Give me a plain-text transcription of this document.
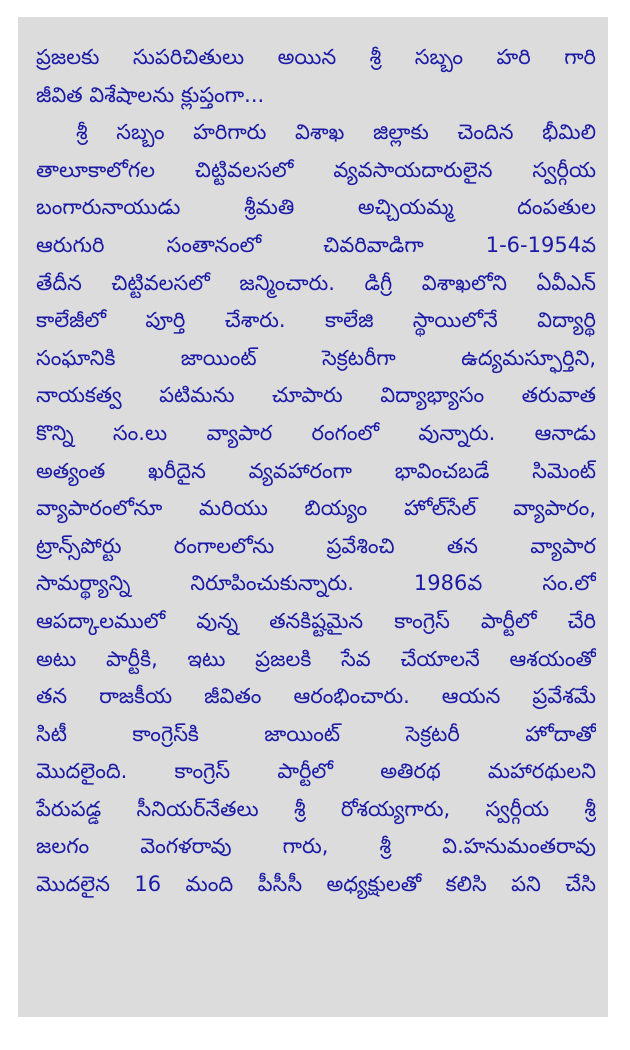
ప్రజలకు సుపరిచితులు అయిన శ్రీ సబ్బం హరి గారి
జీవిత విశేషాలను క్లుప్తంగా...
శ్రీ సబ్బం హరిగారు విశాఖ జిల్లాకు చెందిన భీమిలి
తాలూకాలోగల చిట్టివలసలో వ్యవసాయదారులైన స్వర్గీయ
బంగారునాయుడు శ్రీమతి అచ్చియమ్మ దంపతుల
ఆరుగురి సంతానంలో చివరివాడిగా 1-6-1954వ
తేదీన చిట్టివలసలో జన్మించారు. డిగ్రీ విశాఖలోని ఏవీఎన్
కాలేజీలో పూర్తి చేశారు. కాలేజి స్థాయిలోనే విద్యార్థి
సంఘానికి జాయింట్ సెక్రటరీగా ఉద్యమస్ఫూర్తిని,
నాయకత్వ పటిమను చూపారు విద్యాభ్యాసం తరువాత
కొన్ని సం.లు వ్యాపార రంగంలో వున్నారు. ఆనాడు
అత్యంత ఖరీదైన వ్యవహారంగా భావించబడే సిమెంట్
వ్యాపారంలోనూ మరియు బియ్యం హోల్‌సేల్ వ్యాపారం,
ట్రాన్స్‌పోర్టు రంగాలలోను ప్రవేశించి తన వ్యాపార
సామర్థ్యాన్ని నిరూపించుకున్నారు. 1986వ సం.లో
ఆపద్కాలములో వున్న తనకిష్టమైన కాంగ్రెస్ పార్టీలో చేరి
అటు పార్టీకి, ఇటు ప్రజలకి సేవ చేయాలనే ఆశయంతో
తన రాజకీయ జీవితం ఆరంభించారు. ఆయన ప్రవేశమే
సిటీ కాంగ్రెస్‌కి జాయింట్ సెక్రటరీ హోదాతో
మొదలైంది. కాంగ్రెస్ పార్టీలో అతిరథ మహారథులని
పేరుపడ్డ సీనియర్‌నేతలు శ్రీ రోశయ్యగారు, స్వర్గీయ శ్రీ
జలగం వెంగళరావు గారు, శ్రీ వి.హనుమంతరావు
మొదలైన 16 మంది పీసీసీ అధ్యక్షులతో కలిసి పని చేసి
